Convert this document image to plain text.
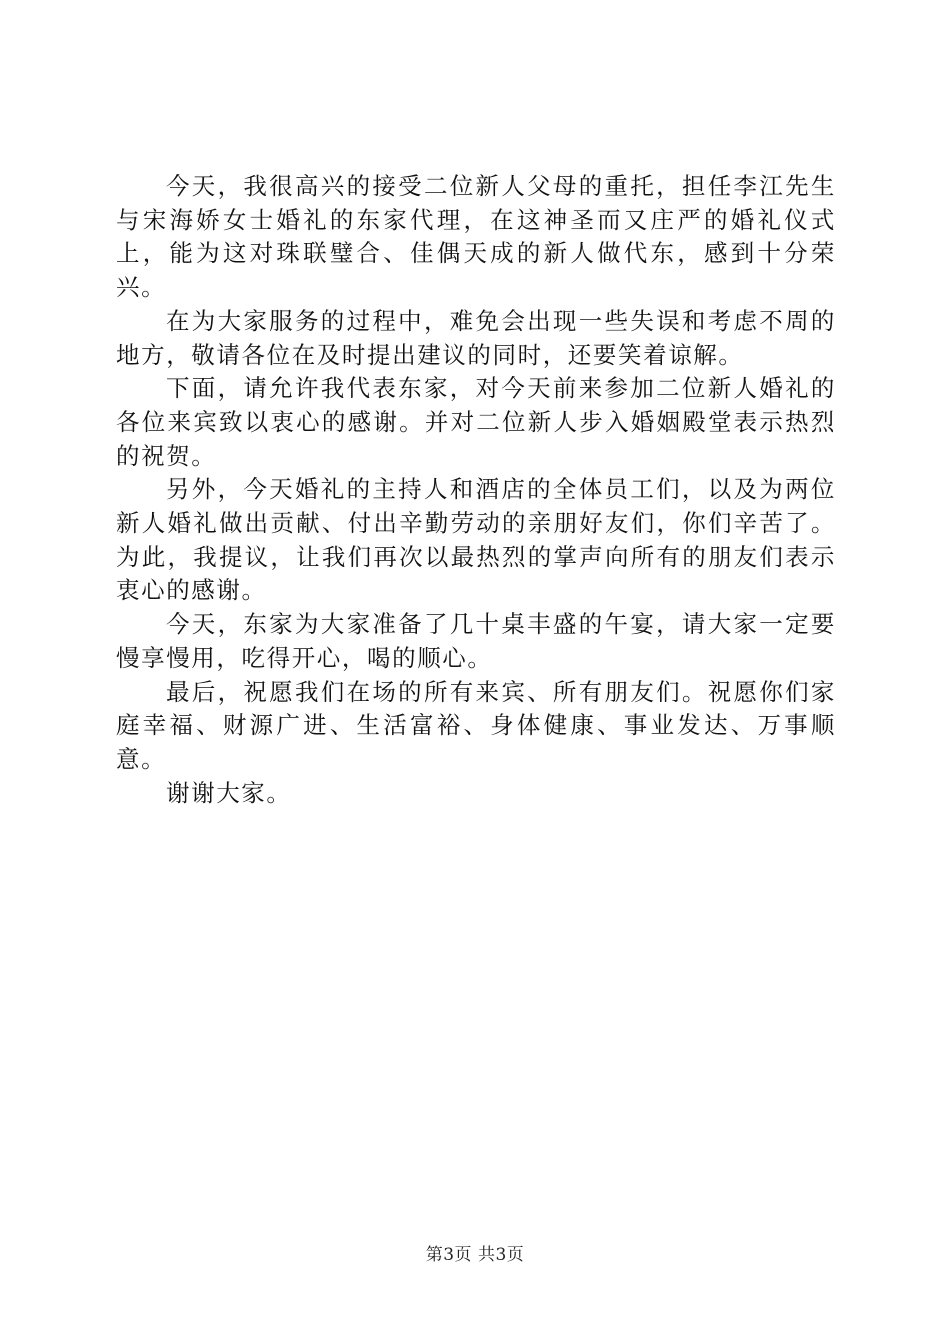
今天，我很高兴的接受二位新人父母的重托，担任李江先生与宋海娇女士婚礼的东家代理，在这神圣而又庄严的婚礼仪式上，能为这对珠联璧合、佳偶天成的新人做代东，感到十分荣兴。

在为大家服务的过程中，难免会出现一些失误和考虑不周的地方，敬请各位在及时提出建议的同时，还要笑着谅解。

下面，请允许我代表东家，对今天前来参加二位新人婚礼的各位来宾致以衷心的感谢。并对二位新人步入婚姻殿堂表示热烈的祝贺。

另外，今天婚礼的主持人和酒店的全体员工们，以及为两位新人婚礼做出贡献、付出辛勤劳动的亲朋好友们，你们辛苦了。为此，我提议，让我们再次以最热烈的掌声向所有的朋友们表示衷心的感谢。

今天，东家为大家准备了几十桌丰盛的午宴，请大家一定要慢享慢用，吃得开心，喝的顺心。

最后，祝愿我们在场的所有来宾、所有朋友们。祝愿你们家庭幸福、财源广进、生活富裕、身体健康、事业发达、万事顺意。

谢谢大家。

第3页 共3页
